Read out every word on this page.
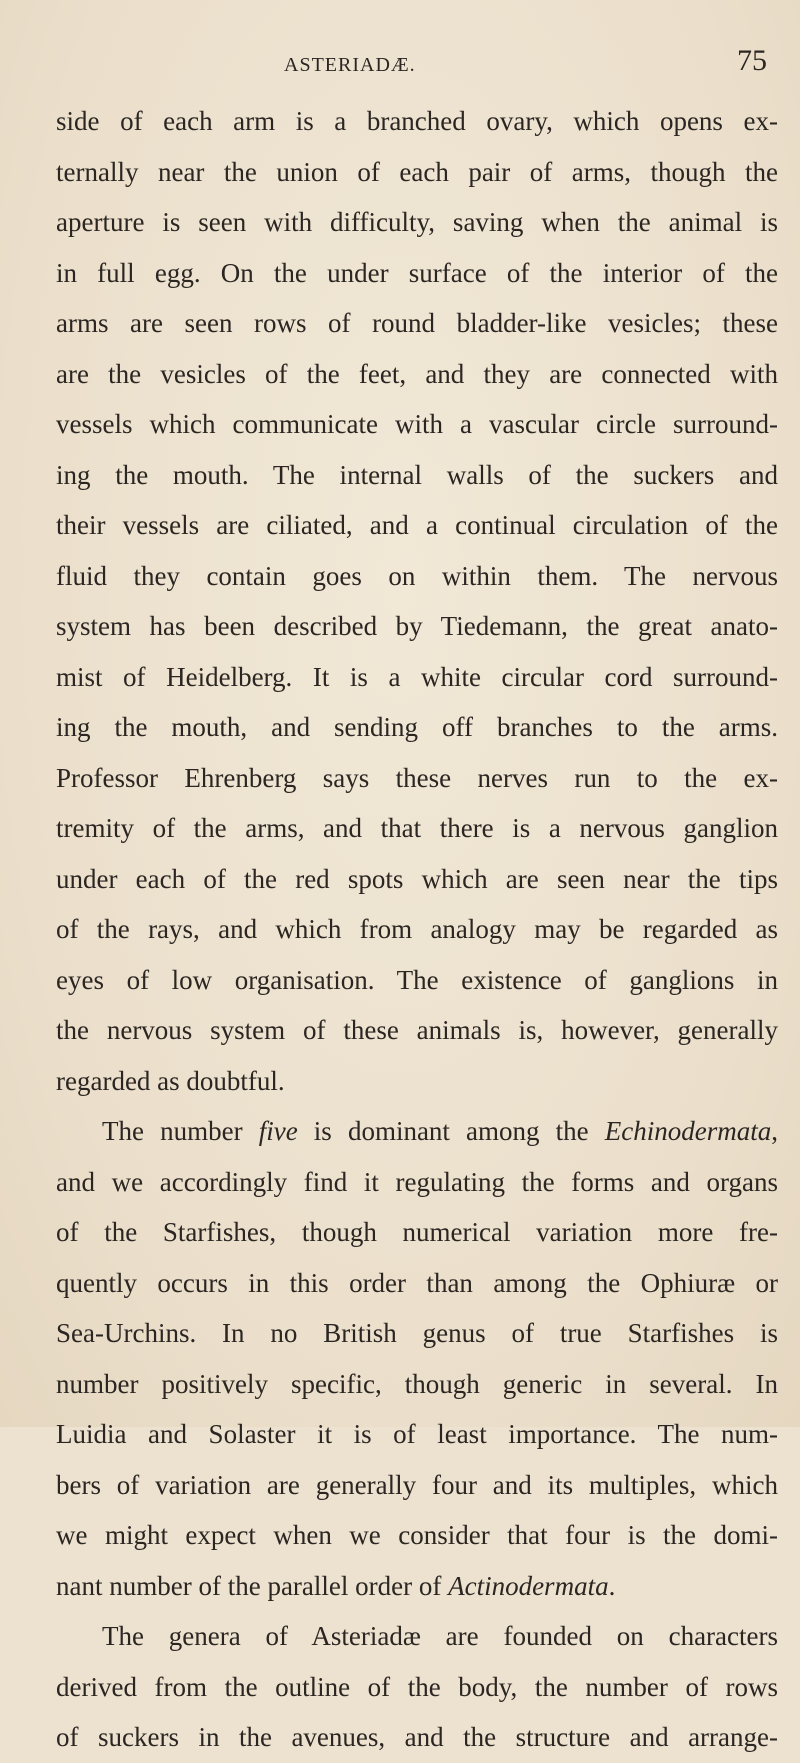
ASTERIADÆ.	75
side of each arm is a branched ovary, which opens ex-
ternally near the union of each pair of arms, though the
aperture is seen with difficulty, saving when the animal is
in full egg. On the under surface of the interior of the
arms are seen rows of round bladder-like vesicles; these
are the vesicles of the feet, and they are connected with
vessels which communicate with a vascular circle surround-
ing the mouth. The internal walls of the suckers and
their vessels are ciliated, and a continual circulation of the
fluid they contain goes on within them. The nervous
system has been described by Tiedemann, the great anato-
mist of Heidelberg. It is a white circular cord surround-
ing the mouth, and sending off branches to the arms.
Professor Ehrenberg says these nerves run to the ex-
tremity of the arms, and that there is a nervous ganglion
under each of the red spots which are seen near the tips
of the rays, and which from analogy may be regarded as
eyes of low organisation. The existence of ganglions in
the nervous system of these animals is, however, generally
regarded as doubtful.
The number five is dominant among the Echinodermata,
and we accordingly find it regulating the forms and organs
of the Starfishes, though numerical variation more fre-
quently occurs in this order than among the Ophiuræ or
Sea-Urchins. In no British genus of true Starfishes is
number positively specific, though generic in several. In
Luidia and Solaster it is of least importance. The num-
bers of variation are generally four and its multiples, which
we might expect when we consider that four is the domi-
nant number of the parallel order of Actinodermata.
The genera of Asteriadæ are founded on characters
derived from the outline of the body, the number of rows
of suckers in the avenues, and the structure and arrange-
